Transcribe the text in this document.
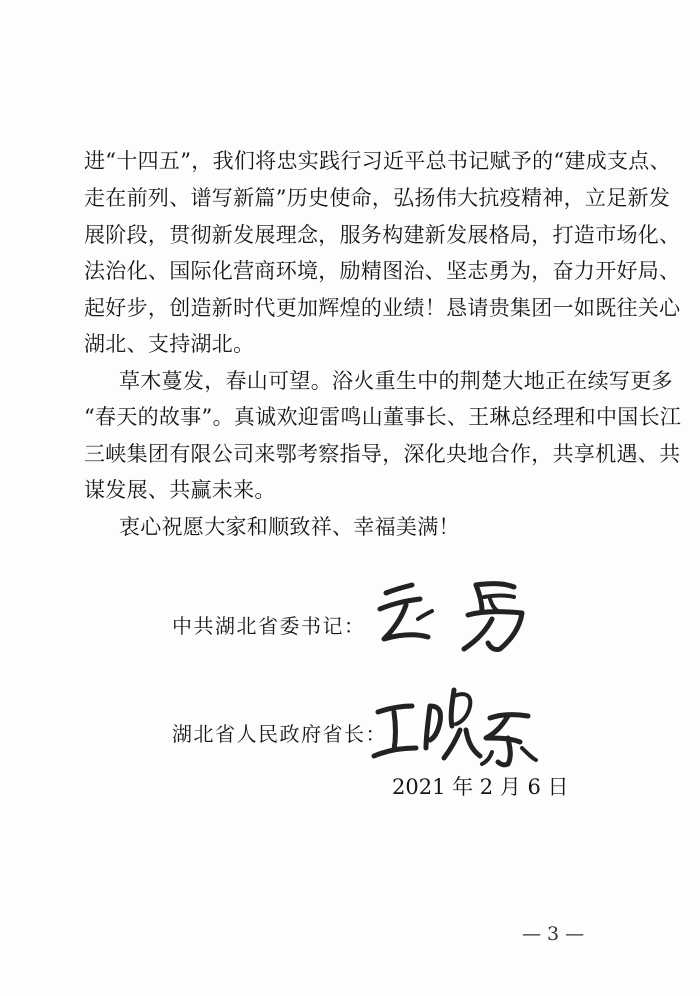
进“十四五”，我们将忠实践行习近平总书记赋予的“建成支点、
走在前列、谱写新篇”历史使命，弘扬伟大抗疫精神，立足新发
展阶段，贯彻新发展理念，服务构建新发展格局，打造市场化、
法治化、国际化营商环境，励精图治、坚志勇为，奋力开好局、
起好步，创造新时代更加辉煌的业绩！恳请贵集团一如既往关心
湖北、支持湖北。
草木蔓发，春山可望。浴火重生中的荆楚大地正在续写更多
“春天的故事”。真诚欢迎雷鸣山董事长、王琳总经理和中国长江
三峡集团有限公司来鄂考察指导，深化央地合作，共享机遇、共
谋发展、共赢未来。
衷心祝愿大家和顺致祥、幸福美满！
中共湖北省委书记：
湖北省人民政府省长：
2021 年 2 月 6 日
— 3 —
